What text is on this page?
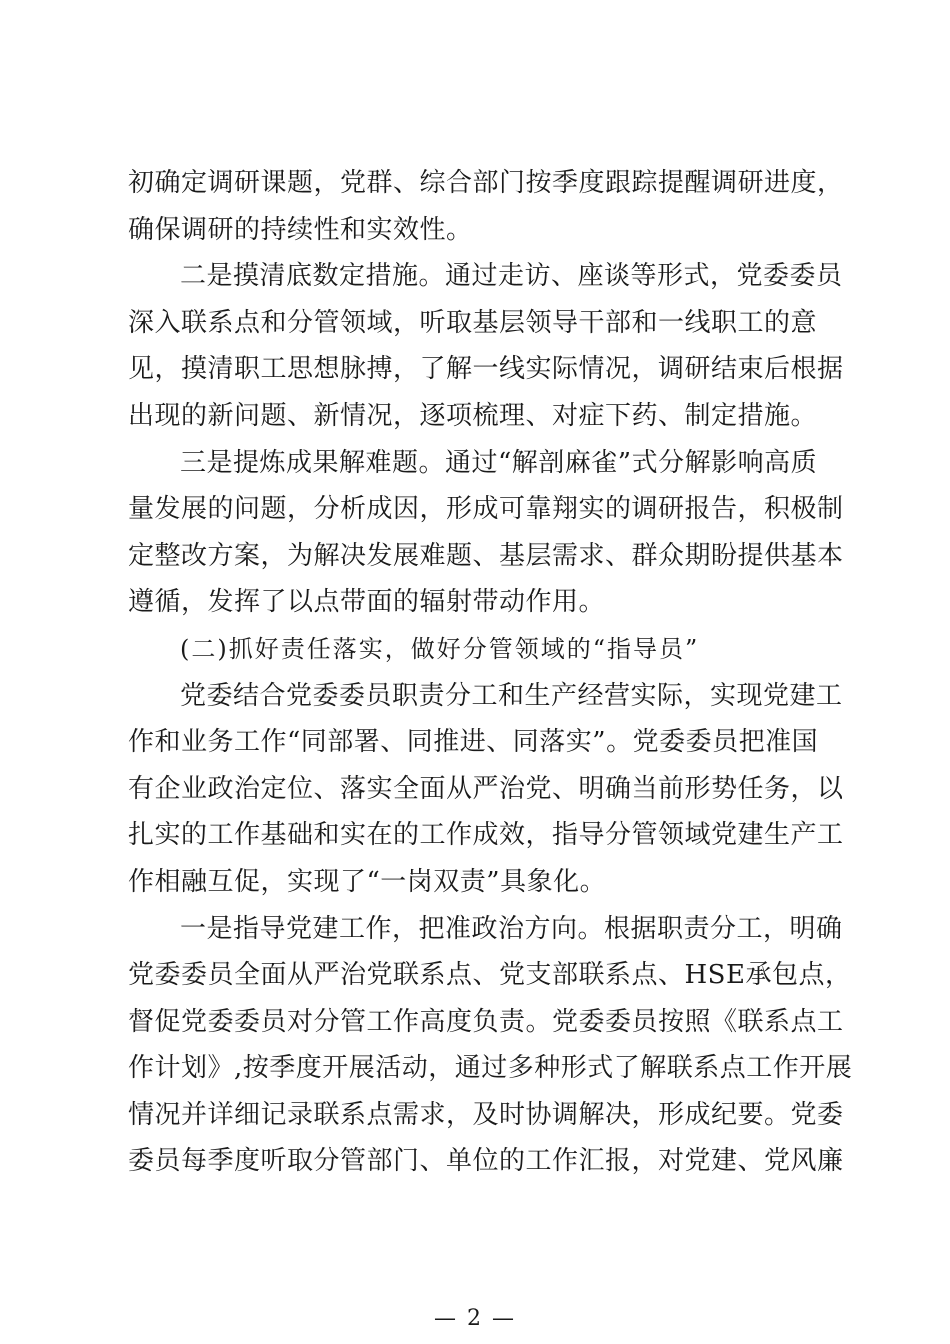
初确定调研课题，党群、综合部门按季度跟踪提醒调研进度，
确保调研的持续性和实效性。

二是摸清底数定措施。通过走访、座谈等形式，党委委员
深入联系点和分管领域，听取基层领导干部和一线职工的意
见，摸清职工思想脉搏，了解一线实际情况，调研结束后根据
出现的新问题、新情况，逐项梳理、对症下药、制定措施。

三是提炼成果解难题。通过“解剖麻雀”式分解影响高质
量发展的问题，分析成因，形成可靠翔实的调研报告，积极制
定整改方案，为解决发展难题、基层需求、群众期盼提供基本
遵循，发挥了以点带面的辐射带动作用。

(二)抓好责任落实，做好分管领域的“指导员”

党委结合党委委员职责分工和生产经营实际，实现党建工
作和业务工作“同部署、同推进、同落实”。党委委员把准国
有企业政治定位、落实全面从严治党、明确当前形势任务，以
扎实的工作基础和实在的工作成效，指导分管领域党建生产工
作相融互促，实现了“一岗双责”具象化。

一是指导党建工作，把准政治方向。根据职责分工，明确
党委委员全面从严治党联系点、党支部联系点、HSE承包点，
督促党委委员对分管工作高度负责。党委委员按照《联系点工
作计划》,按季度开展活动，通过多种形式了解联系点工作开展
情况并详细记录联系点需求，及时协调解决，形成纪要。党委
委员每季度听取分管部门、单位的工作汇报，对党建、党风廉

— 2 —
